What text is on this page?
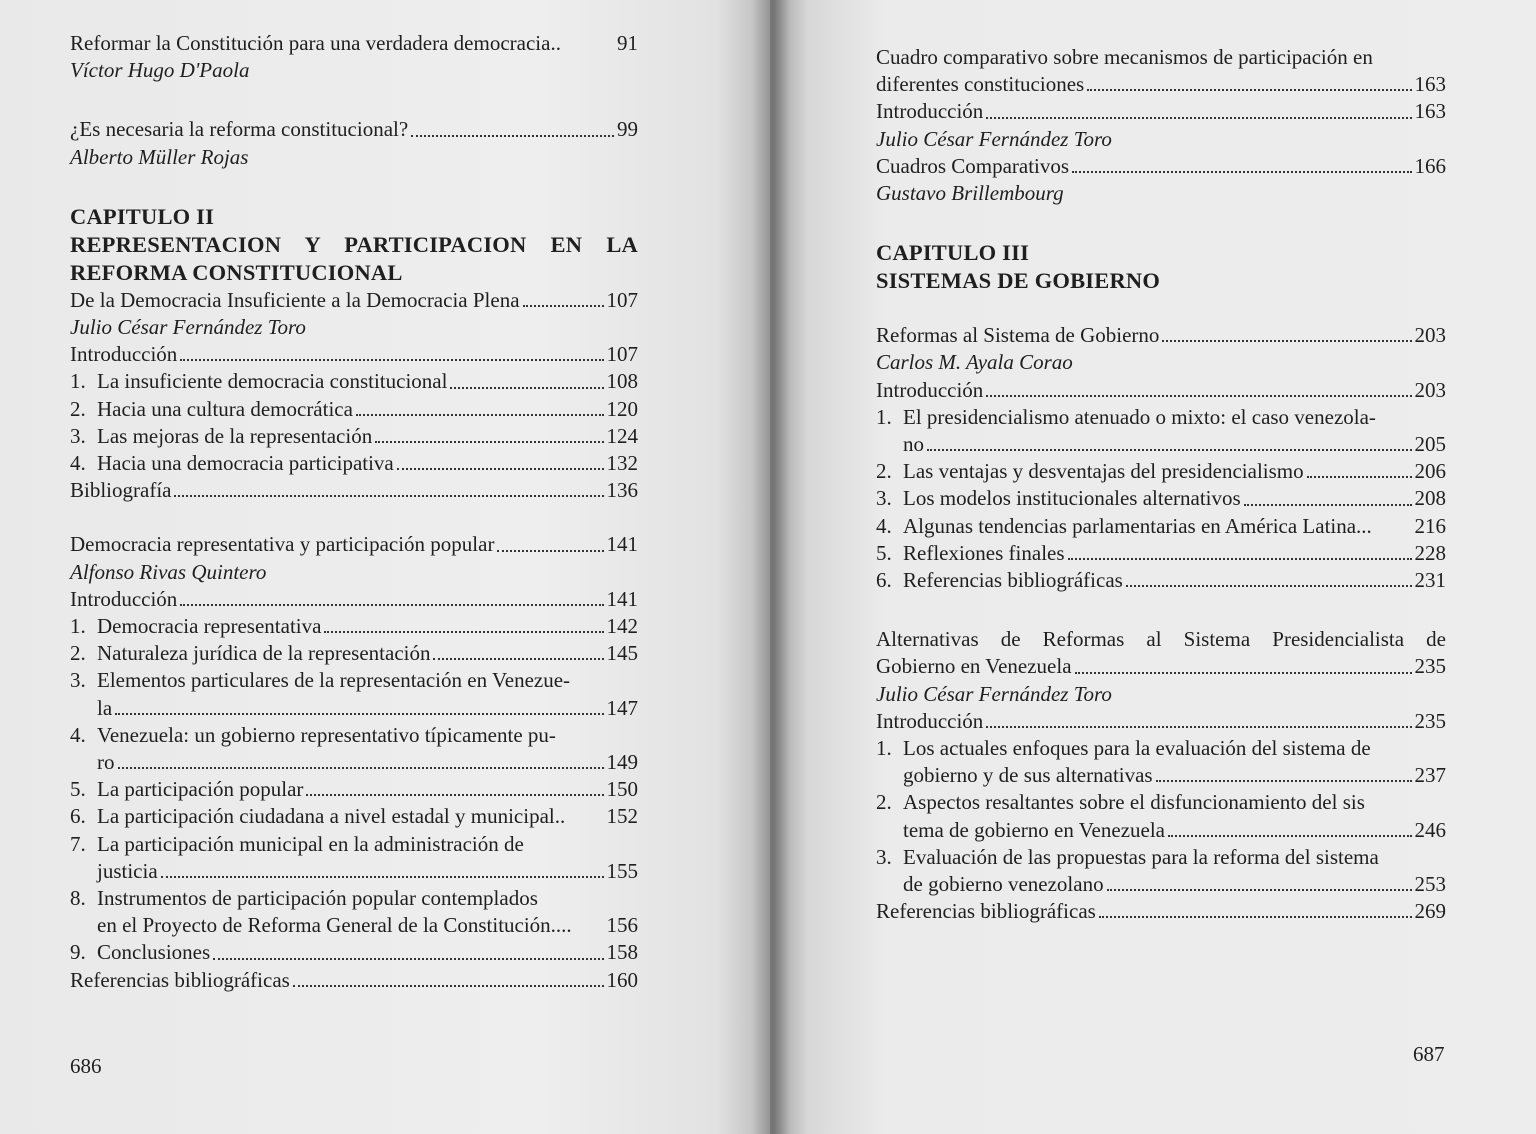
Reformar la Constitución para una verdadera democracia..	91
Víctor Hugo D'Paola
¿Es necesaria la reforma constitucional?	99
Alberto Müller Rojas
CAPITULO II
REPRESENTACION Y PARTICIPACION EN LA
REFORMA CONSTITUCIONAL
De la Democracia Insuficiente a la Democracia Plena	107
Julio César Fernández Toro
Introducción	107
1. La insuficiente democracia constitucional	108
2. Hacia una cultura democrática	120
3. Las mejoras de la representación	124
4. Hacia una democracia participativa	132
Bibliografía	136
Democracia representativa y participación popular	141
Alfonso Rivas Quintero
Introducción	141
1. Democracia representativa	142
2. Naturaleza jurídica de la representación	145
3. Elementos particulares de la representación en Venezue-
la	147
4. Venezuela: un gobierno representativo típicamente pu-
ro	149
5. La participación popular	150
6. La participación ciudadana a nivel estadal y municipal.. 152
7. La participación municipal en la administración de
justicia	155
8. Instrumentos de participación popular contemplados
en el Proyecto de Reforma General de la Constitución.... 156
9. Conclusiones	158
Referencias bibliográficas	160
686
Cuadro comparativo sobre mecanismos de participación en
diferentes constituciones	163
Introducción	163
Julio César Fernández Toro
Cuadros Comparativos	166
Gustavo Brillembourg
CAPITULO III
SISTEMAS DE GOBIERNO
Reformas al Sistema de Gobierno	203
Carlos M. Ayala Corao
Introducción	203
1. El presidencialismo atenuado o mixto: el caso venezola-
no	205
2. Las ventajas y desventajas del presidencialismo	206
3. Los modelos institucionales alternativos	208
4. Algunas tendencias parlamentarias en América Latina... 216
5. Reflexiones finales	228
6. Referencias bibliográficas	231
Alternativas de Reformas al Sistema Presidencialista de
Gobierno en Venezuela	235
Julio César Fernández Toro
Introducción	235
1. Los actuales enfoques para la evaluación del sistema de
gobierno y de sus alternativas	237
2. Aspectos resaltantes sobre el disfuncionamiento del sis
tema de gobierno en Venezuela	246
3. Evaluación de las propuestas para la reforma del sistema
de gobierno venezolano	253
Referencias bibliográficas	269
687
